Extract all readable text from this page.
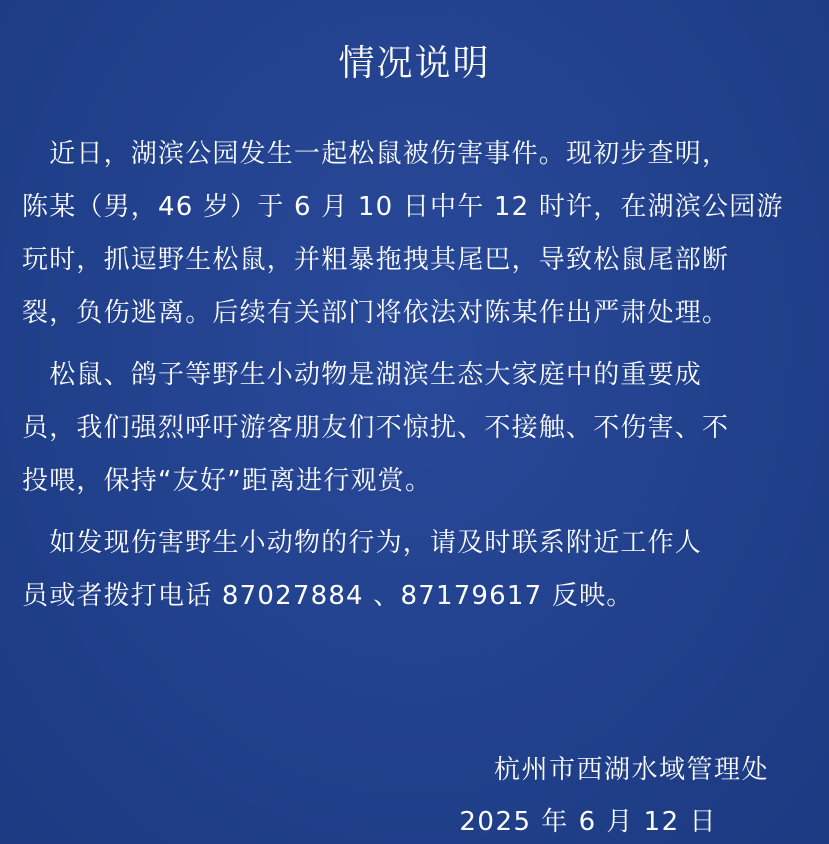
情况说明

　近日，湖滨公园发生一起松鼠被伤害事件。现初步查明，
陈某（男，46 岁）于 6 月 10 日中午 12 时许，在湖滨公园游
玩时，抓逗野生松鼠，并粗暴拖拽其尾巴，导致松鼠尾部断
裂，负伤逃离。后续有关部门将依法对陈某作出严肃处理。

　松鼠、鸽子等野生小动物是湖滨生态大家庭中的重要成
员，我们强烈呼吁游客朋友们不惊扰、不接触、不伤害、不
投喂，保持“友好”距离进行观赏。

　如发现伤害野生小动物的行为，请及时联系附近工作人
员或者拨打电话 87027884 、87179617 反映。

杭州市西湖水域管理处

2025 年 6 月 12 日
